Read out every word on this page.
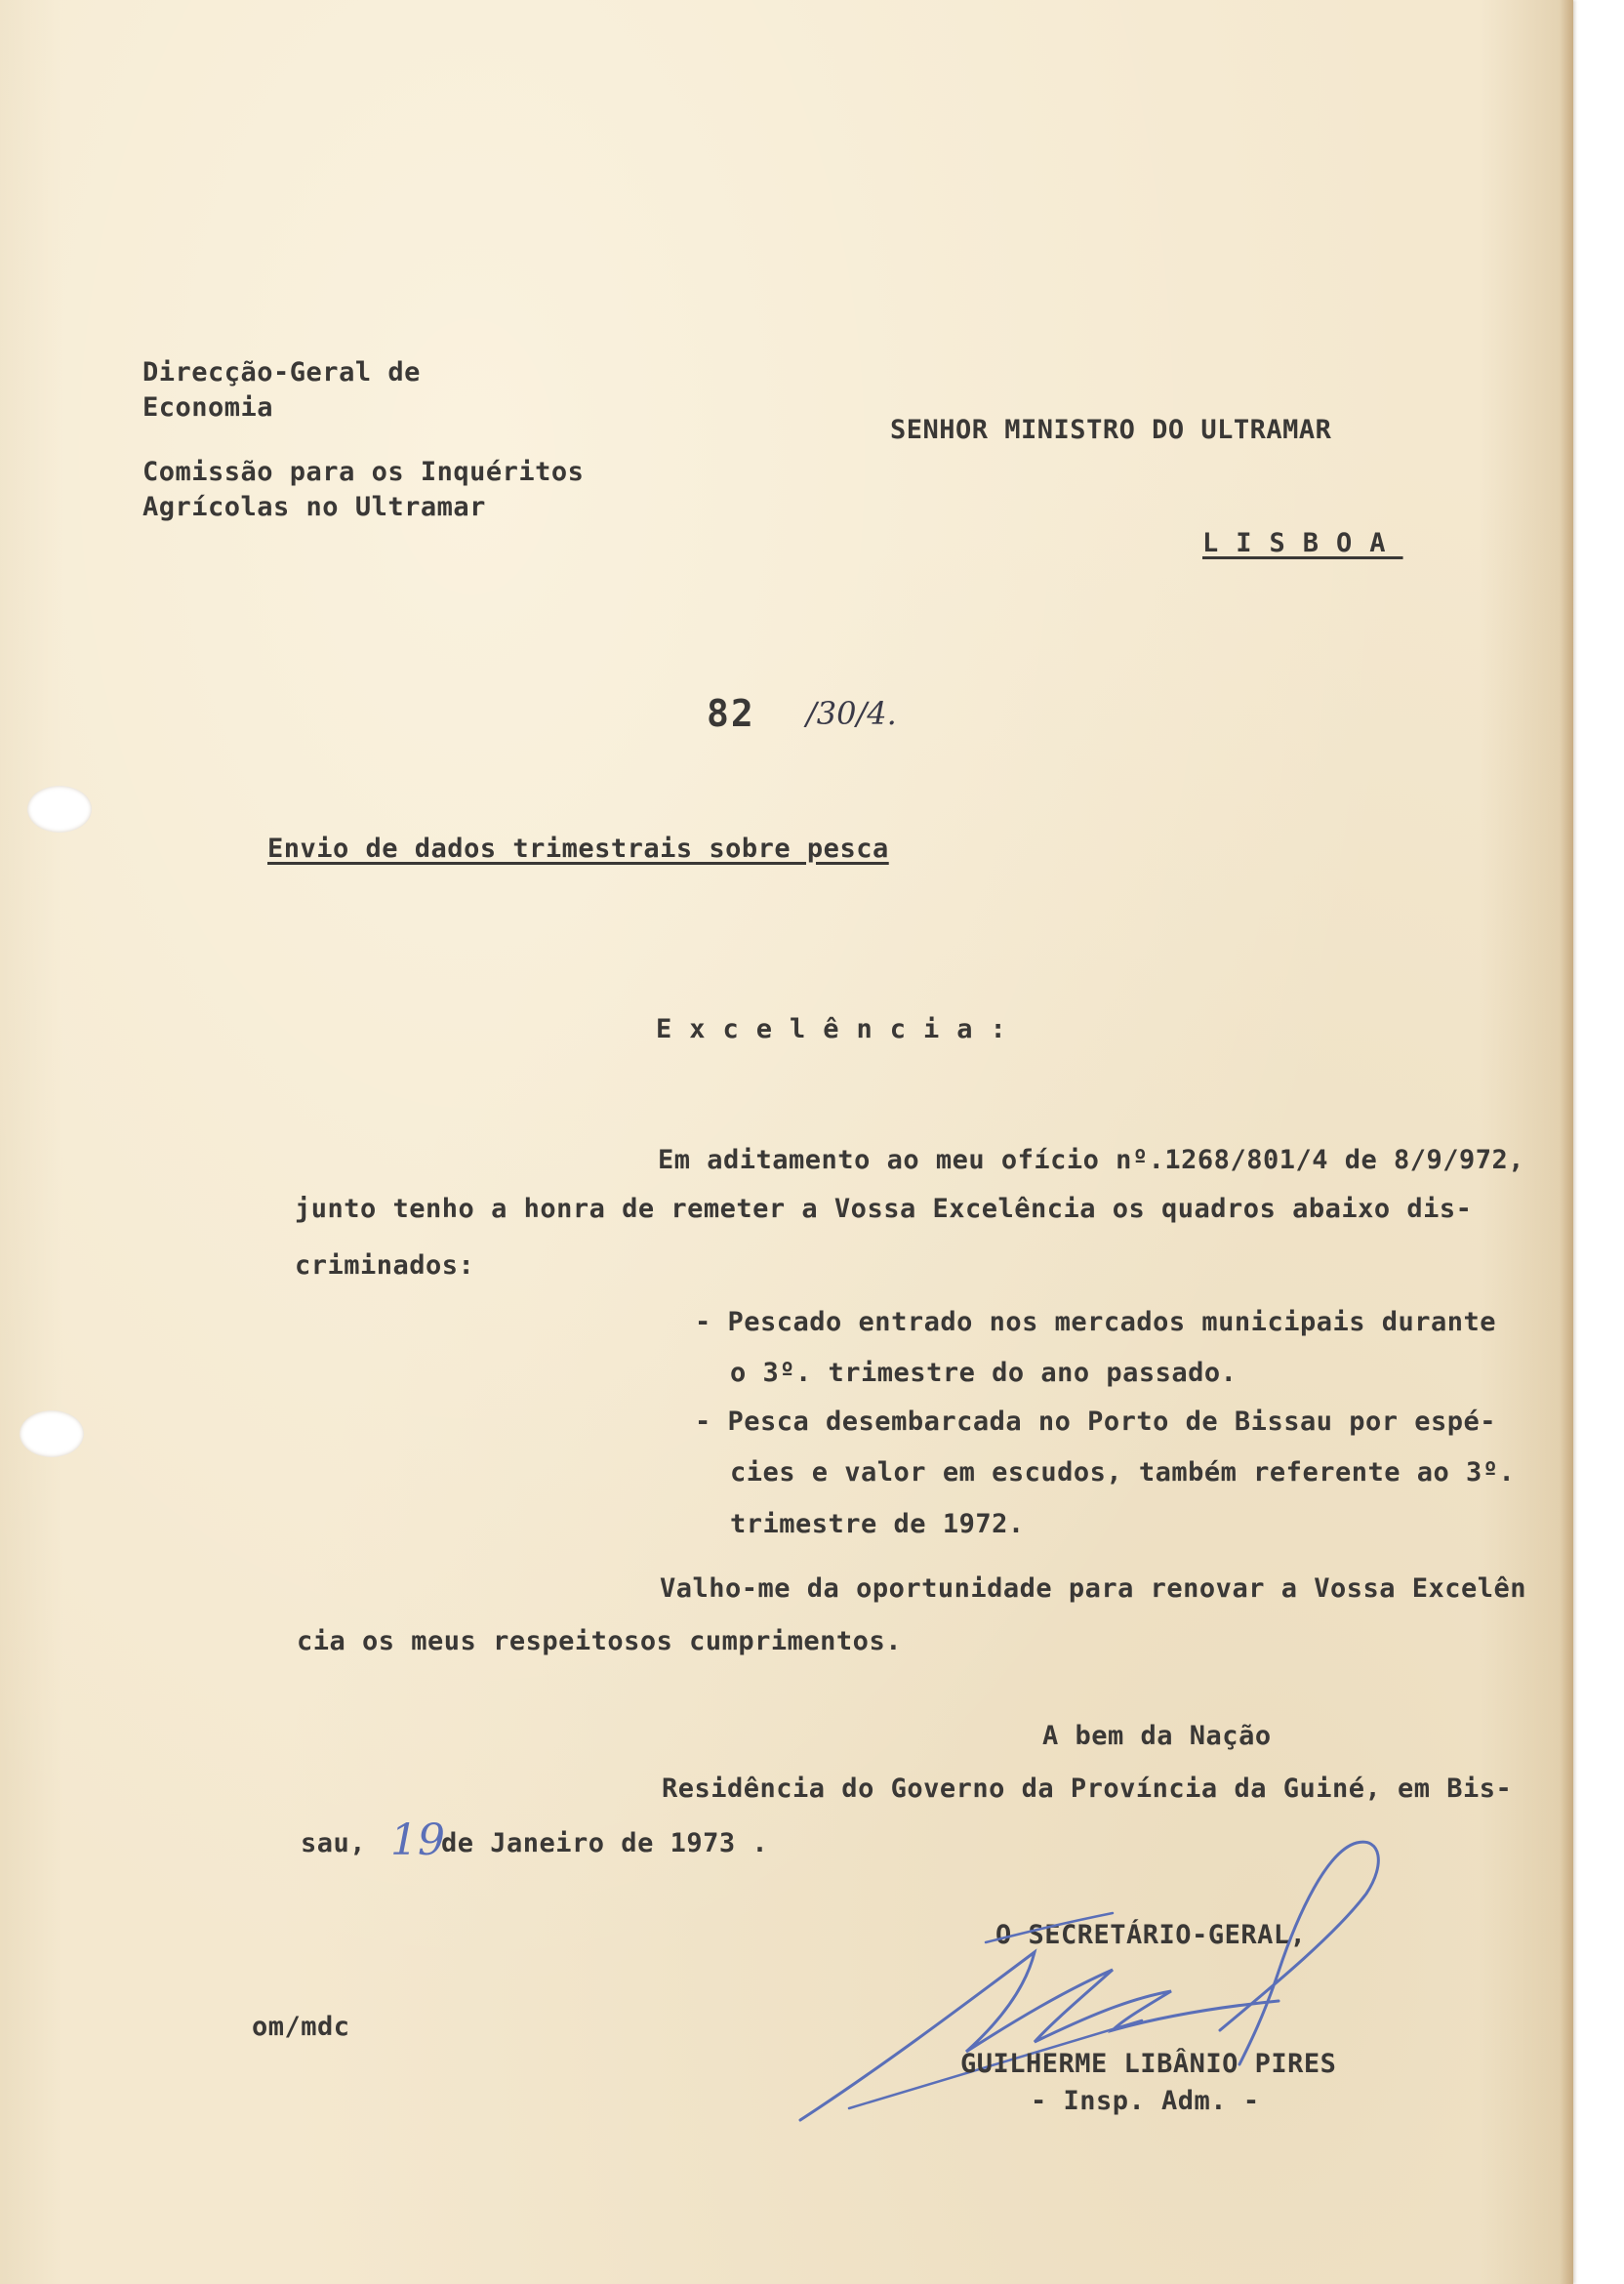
Direcção-Geral de
Economia
Comissão para os Inquéritos
Agrícolas no Ultramar
SENHOR MINISTRO DO ULTRAMAR
LISBOA
82 /30/4.
Envio de dados trimestrais sobre pesca
Excelência:
Em aditamento ao meu ofício nº.1268/801/4 de 8/9/972,
junto tenho a honra de remeter a Vossa Excelência os quadros abaixo dis-
criminados:
- Pescado entrado nos mercados municipais durante
o 3º. trimestre do ano passado.
- Pesca desembarcada no Porto de Bissau por espé-
cies e valor em escudos, também referente ao 3º.
trimestre de 1972.
Valho-me da oportunidade para renovar a Vossa Excelên
cia os meus respeitosos cumprimentos.
A bem da Nação
Residência do Governo da Província da Guiné, em Bis-
sau, 19
de Janeiro de 1973 .
O SECRETÁRIO-GERAL,
GUILHERME LIBÂNIO PIRES
- Insp. Adm. -
om/mdc
